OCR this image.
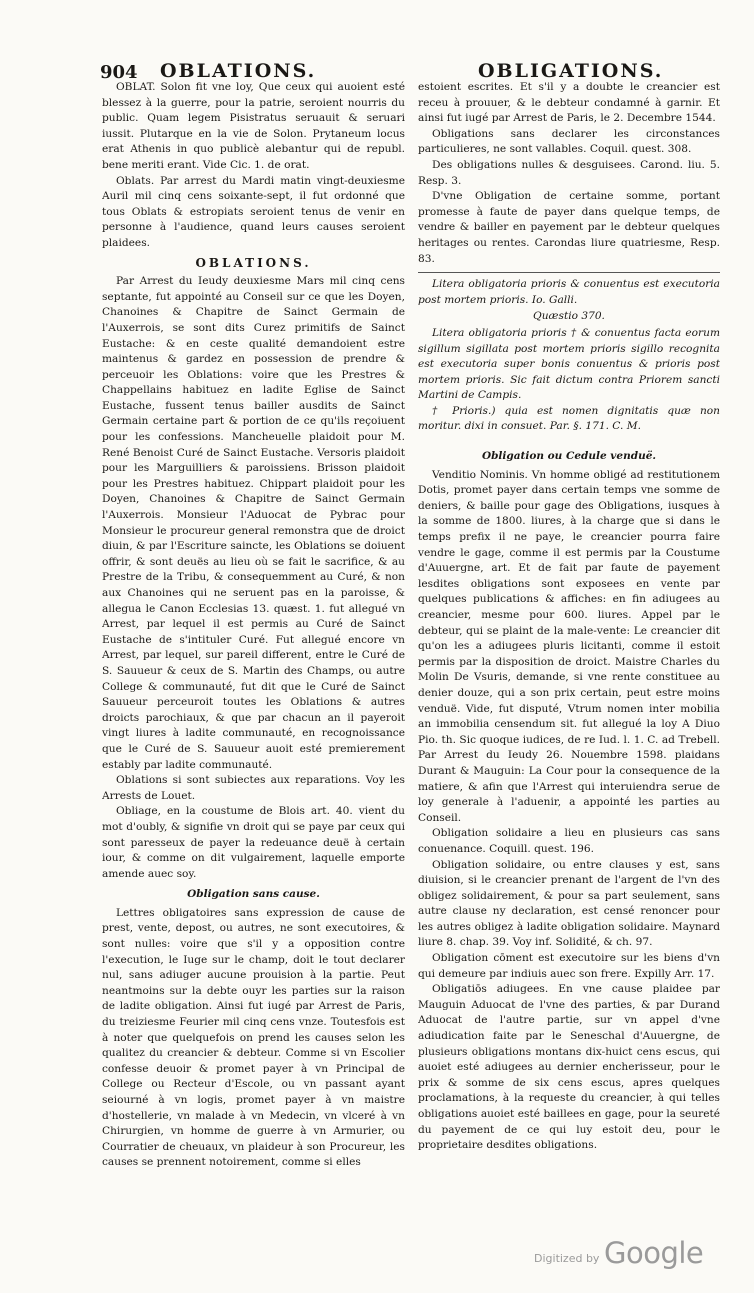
904 OBLATIONS.	OBLIGATIONS.

OBLAT. Solon fit vne loy, Que ceux qui auoient esté blessez à la guerre, pour la patrie, seroient nourris du public. Quam legem Pisistratus seruauit & seruari iussit. Plutarque en la vie de Solon. Prytaneum locus erat Athenis in quo publicè alebantur qui de republ. bene meriti erant. Vide Cic. 1. de orat.

Oblats. Par arrest du Mardi matin vingt-deuxiesme Auril mil cinq cens soixante-sept, il fut ordonné que tous Oblats & estropiats seroient tenus de venir en personne à l'audience, quand leurs causes seroient plaidees.

OBLATIONS.

Par Arrest du Ieudy deuxiesme Mars mil cinq cens septante, fut appointé au Conseil sur ce que les Doyen, Chanoines & Chapitre de Sainct Germain de l'Auxerrois, se sont dits Curez primitifs de Sainct Eustache: & en ceste qualité demandoient estre maintenus & gardez en possession de prendre & perceuoir les Oblations: voire que les Prestres & Chappellains habituez en ladite Eglise de Sainct Eustache, fussent tenus bailler ausdits de Sainct Germain certaine part & portion de ce qu'ils reçoiuent pour les confessions. Mancheuelle plaidoit pour M. René Benoist Curé de Sainct Eustache. Versoris plaidoit pour les Marguilliers & paroissiens. Brisson plaidoit pour les Prestres habituez. Chippart plaidoit pour les Doyen, Chanoines & Chapitre de Sainct Germain l'Auxerrois. Monsieur l'Aduocat de Pybrac pour Monsieur le procureur general remonstra que de droict diuin, & par l'Escriture saincte, les Oblations se doiuent offrir, & sont deuës au lieu où se fait le sacrifice, & au Prestre de la Tribu, & consequemment au Curé, & non aux Chanoines qui ne seruent pas en la paroisse, & allegua le Canon Ecclesias 13. quæst. 1. fut allegué vn Arrest, par lequel il est permis au Curé de Sainct Eustache de s'intituler Curé. Fut allegué encore vn Arrest, par lequel, sur pareil different, entre le Curé de S. Sauueur & ceux de S. Martin des Champs, ou autre College & communauté, fut dit que le Curé de Sainct Sauueur perceuroit toutes les Oblations & autres droicts parochiaux, & que par chacun an il payeroit vingt liures à ladite communauté, en recognoissance que le Curé de S. Sauueur auoit esté premierement estably par ladite communauté.

Oblations si sont subiectes aux reparations. Voy les Arrests de Louet.

Obliage, en la coustume de Blois art. 40. vient du mot d'oubly, & signifie vn droit qui se paye par ceux qui sont paresseux de payer la redeuance deuë à certain iour, & comme on dit vulgairement, laquelle emporte amende auec soy.

Obligation sans cause.

Lettres obligatoires sans expression de cause de prest, vente, depost, ou autres, ne sont executoires, & sont nulles: voire que s'il y a opposition contre l'execution, le Iuge sur le champ, doit le tout declarer nul, sans adiuger aucune prouision à la partie. Peut neantmoins sur la debte ouyr les parties sur la raison de ladite obligation. Ainsi fut iugé par Arrest de Paris, du treiziesme Feurier mil cinq cens vnze. Toutesfois est à noter que quelquefois on prend les causes selon les qualitez du creancier & debteur. Comme si vn Escolier confesse deuoir & promet payer à vn Principal de College ou Recteur d'Escole, ou vn passant ayant seiourné à vn logis, promet payer à vn maistre d'hostellerie, vn malade à vn Medecin, vn vlceré à vn Chirurgien, vn homme de guerre à vn Armurier, ou Courratier de cheuaux, vn plaideur à son Procureur, les causes se prennent notoirement, comme si elles

estoient escrites. Et s'il y a doubte le creancier est receu à prouuer, & le debteur condamné à garnir. Et ainsi fut iugé par Arrest de Paris, le 2. Decembre 1544.

Obligations sans declarer les circonstances particulieres, ne sont vallables. Coquil. quest. 308.

Des obligations nulles & desguisees. Carond. liu. 5. Resp. 3.

D'vne Obligation de certaine somme, portant promesse à faute de payer dans quelque temps, de vendre & bailler en payement par le debteur quelques heritages ou rentes. Carondas liure quatriesme, Resp. 83.

Litera obligatoria prioris & conuentus est executoria post mortem prioris. Io. Galli.

Quæstio 370.

Litera obligatoria prioris † & conuentus facta eorum sigillum sigillata post mortem prioris sigillo recognita est executoria super bonis conuentus & prioris post mortem prioris. Sic fait dictum contra Priorem sancti Martini de Campis.

† Prioris.) quia est nomen dignitatis quæ non moritur. dixi in consuet. Par. §. 171. C. M.

Obligation ou Cedule venduë.

Venditio Nominis. Vn homme obligé ad restitutionem Dotis, promet payer dans certain temps vne somme de deniers, & baille pour gage des Obligations, iusques à la somme de 1800. liures, à la charge que si dans le temps prefix il ne paye, le creancier pourra faire vendre le gage, comme il est permis par la Coustume d'Auuergne, art. Et de fait par faute de payement lesdites obligations sont exposees en vente par quelques publications & affiches: en fin adiugees au creancier, mesme pour 600. liures. Appel par le debteur, qui se plaint de la male-vente: Le creancier dit qu'on les a adiugees pluris licitanti, comme il estoit permis par la disposition de droict. Maistre Charles du Molin De Vsuris, demande, si vne rente constituee au denier douze, qui a son prix certain, peut estre moins venduë. Vide, fut disputé, Vtrum nomen inter mobilia an immobilia censendum sit. fut allegué la loy A Diuo Pio. th. Sic quoque iudices, de re Iud. l. 1. C. ad Trebell. Par Arrest du Ieudy 26. Nouembre 1598. plaidans Durant & Mauguin: La Cour pour la consequence de la matiere, & afin que l'Arrest qui interuiendra serue de loy generale à l'aduenir, a appointé les parties au Conseil.

Obligation solidaire a lieu en plusieurs cas sans conuenance. Coquill. quest. 196.

Obligation solidaire, ou entre clauses y est, sans diuision, si le creancier prenant de l'argent de l'vn des obligez solidairement, & pour sa part seulement, sans autre clause ny declaration, est censé renoncer pour les autres obligez à ladite obligation solidaire. Maynard liure 8. chap. 39. Voy inf. Solidité, & ch. 97.

Obligation cōment est executoire sur les biens d'vn qui demeure par indiuis auec son frere. Expilly Arr. 17.

Obligatiōs adiugees. En vne cause plaidee par Mauguin Aduocat de l'vne des parties, & par Durand Aduocat de l'autre partie, sur vn appel d'vne adiudication faite par le Seneschal d'Auuergne, de plusieurs obligations montans dix-huict cens escus, qui auoiet esté adiugees au dernier encherisseur, pour le prix & somme de six cens escus, apres quelques proclamations, à la requeste du creancier, à qui telles obligations auoiet esté baillees en gage, pour la seureté du payement de ce qui luy estoit deu, pour le proprietaire desdites obligations.

Digitized by Google
